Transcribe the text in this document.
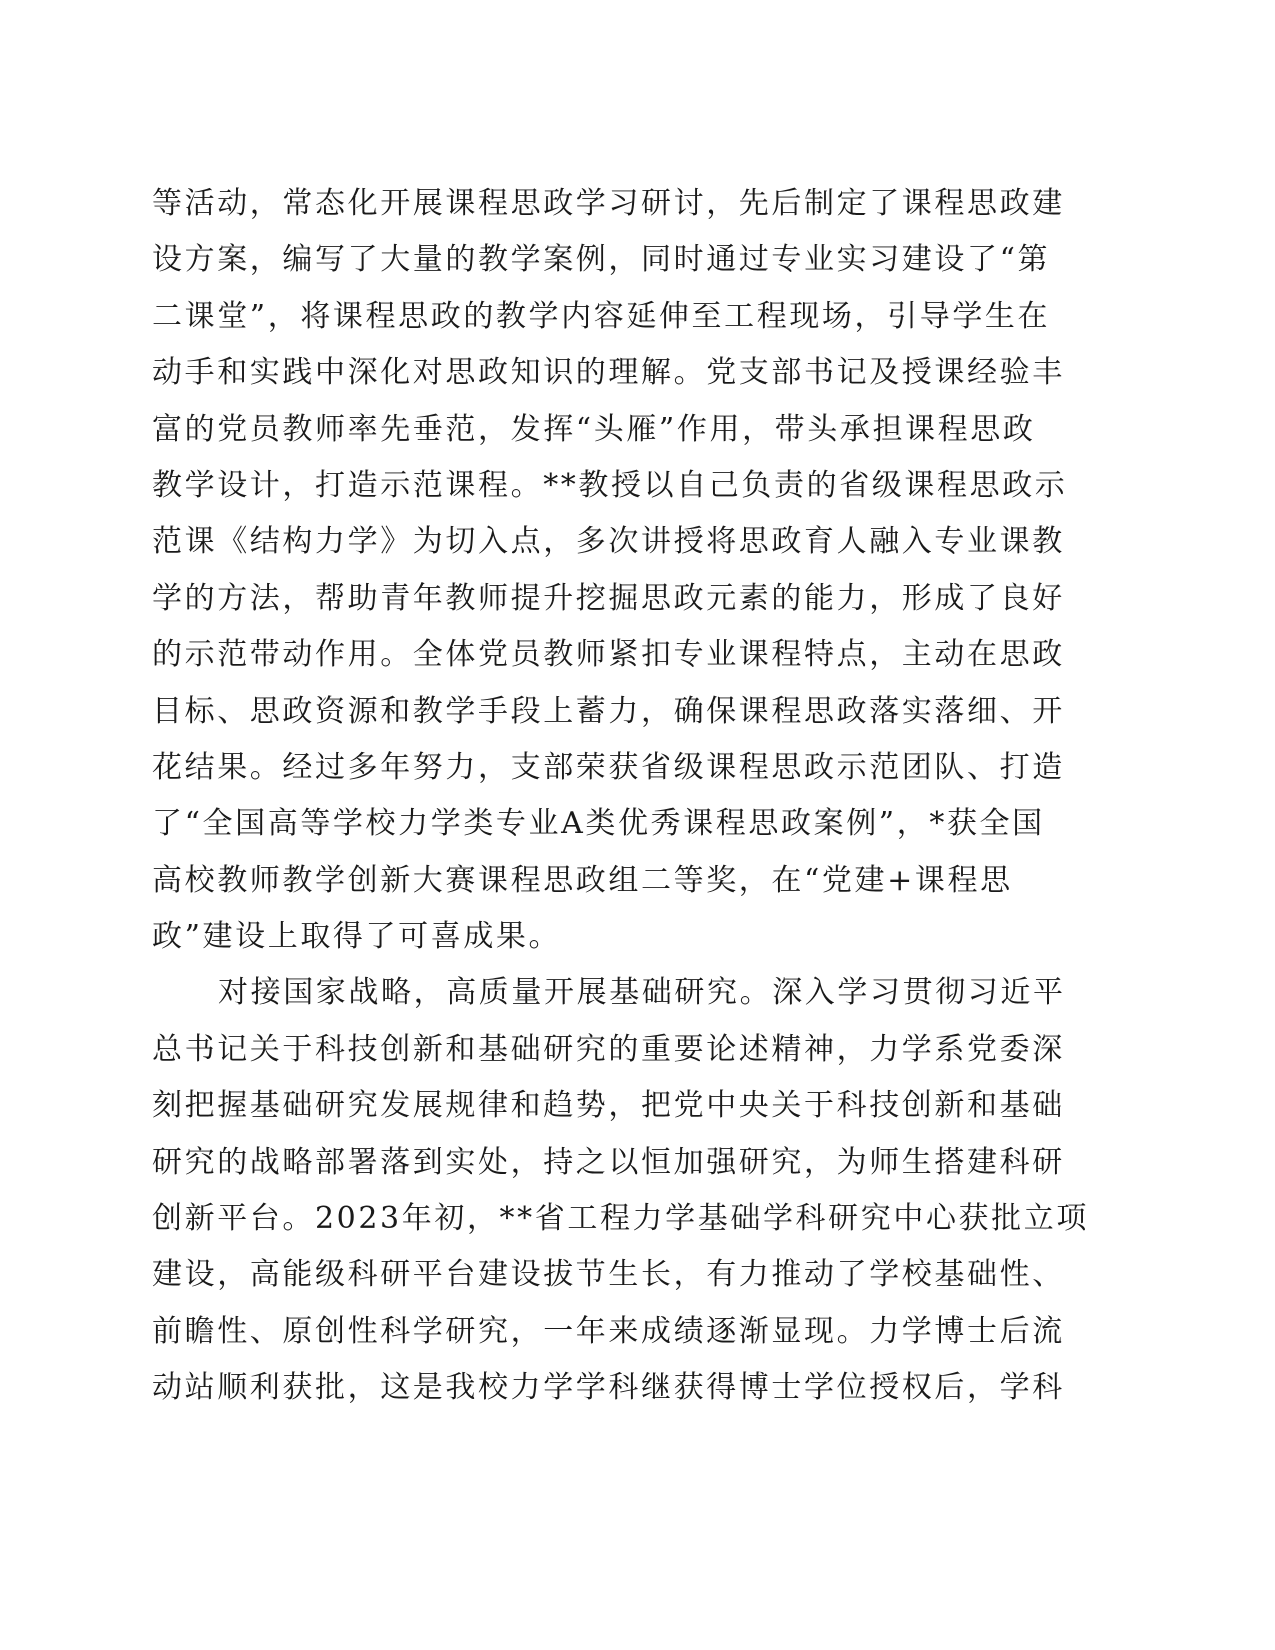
等活动，常态化开展课程思政学习研讨，先后制定了课程思政建
设方案，编写了大量的教学案例，同时通过专业实习建设了“第
二课堂”，将课程思政的教学内容延伸至工程现场，引导学生在
动手和实践中深化对思政知识的理解。党支部书记及授课经验丰
富的党员教师率先垂范，发挥“头雁”作用，带头承担课程思政
教学设计，打造示范课程。**教授以自己负责的省级课程思政示
范课《结构力学》为切入点，多次讲授将思政育人融入专业课教
学的方法，帮助青年教师提升挖掘思政元素的能力，形成了良好
的示范带动作用。全体党员教师紧扣专业课程特点，主动在思政
目标、思政资源和教学手段上蓄力，确保课程思政落实落细、开
花结果。经过多年努力，支部荣获省级课程思政示范团队、打造
了“全国高等学校力学类专业A类优秀课程思政案例”，*获全国
高校教师教学创新大赛课程思政组二等奖，在“党建+课程思
政”建设上取得了可喜成果。
对接国家战略，高质量开展基础研究。深入学习贯彻习近平
总书记关于科技创新和基础研究的重要论述精神，力学系党委深
刻把握基础研究发展规律和趋势，把党中央关于科技创新和基础
研究的战略部署落到实处，持之以恒加强研究，为师生搭建科研
创新平台。2023年初，**省工程力学基础学科研究中心获批立项
建设，高能级科研平台建设拔节生长，有力推动了学校基础性、
前瞻性、原创性科学研究，一年来成绩逐渐显现。力学博士后流
动站顺利获批，这是我校力学学科继获得博士学位授权后，学科
